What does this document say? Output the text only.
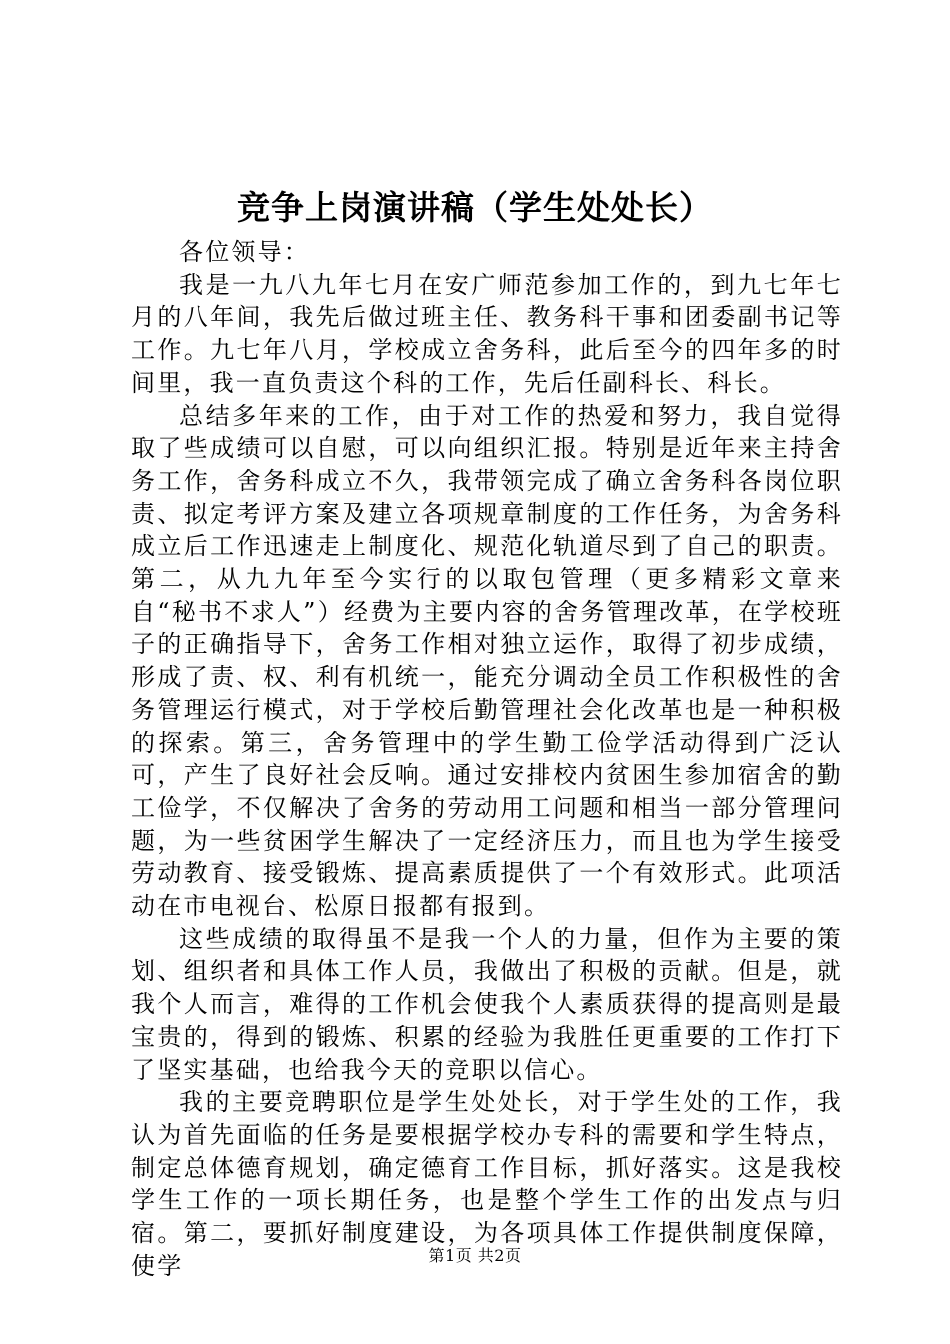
竞争上岗演讲稿（学生处处长）

各位领导：

我是一九八九年七月在安广师范参加工作的，到九七年七月的八年间，我先后做过班主任、教务科干事和团委副书记等工作。九七年八月，学校成立舍务科，此后至今的四年多的时间里，我一直负责这个科的工作，先后任副科长、科长。

总结多年来的工作，由于对工作的热爱和努力，我自觉得取了些成绩可以自慰，可以向组织汇报。特别是近年来主持舍务工作，舍务科成立不久，我带领完成了确立舍务科各岗位职责、拟定考评方案及建立各项规章制度的工作任务，为舍务科成立后工作迅速走上制度化、规范化轨道尽到了自己的职责。第二，从九九年至今实行的以取包管理（更多精彩文章来自“秘书不求人”）经费为主要内容的舍务管理改革，在学校班子的正确指导下，舍务工作相对独立运作，取得了初步成绩，形成了责、权、利有机统一，能充分调动全员工作积极性的舍务管理运行模式，对于学校后勤管理社会化改革也是一种积极的探索。第三，舍务管理中的学生勤工俭学活动得到广泛认可，产生了良好社会反响。通过安排校内贫困生参加宿舍的勤工俭学，不仅解决了舍务的劳动用工问题和相当一部分管理问题，为一些贫困学生解决了一定经济压力，而且也为学生接受劳动教育、接受锻炼、提高素质提供了一个有效形式。此项活动在市电视台、松原日报都有报到。

这些成绩的取得虽不是我一个人的力量，但作为主要的策划、组织者和具体工作人员，我做出了积极的贡献。但是，就我个人而言，难得的工作机会使我个人素质获得的提高则是最宝贵的，得到的锻炼、积累的经验为我胜任更重要的工作打下了坚实基础，也给我今天的竞职以信心。

我的主要竞聘职位是学生处处长，对于学生处的工作，我认为首先面临的任务是要根据学校办专科的需要和学生特点，制定总体德育规划，确定德育工作目标，抓好落实。这是我校学生工作的一项长期任务，也是整个学生工作的出发点与归宿。第二，要抓好制度建设，为各项具体工作提供制度保障，使学	第1页 共2页
